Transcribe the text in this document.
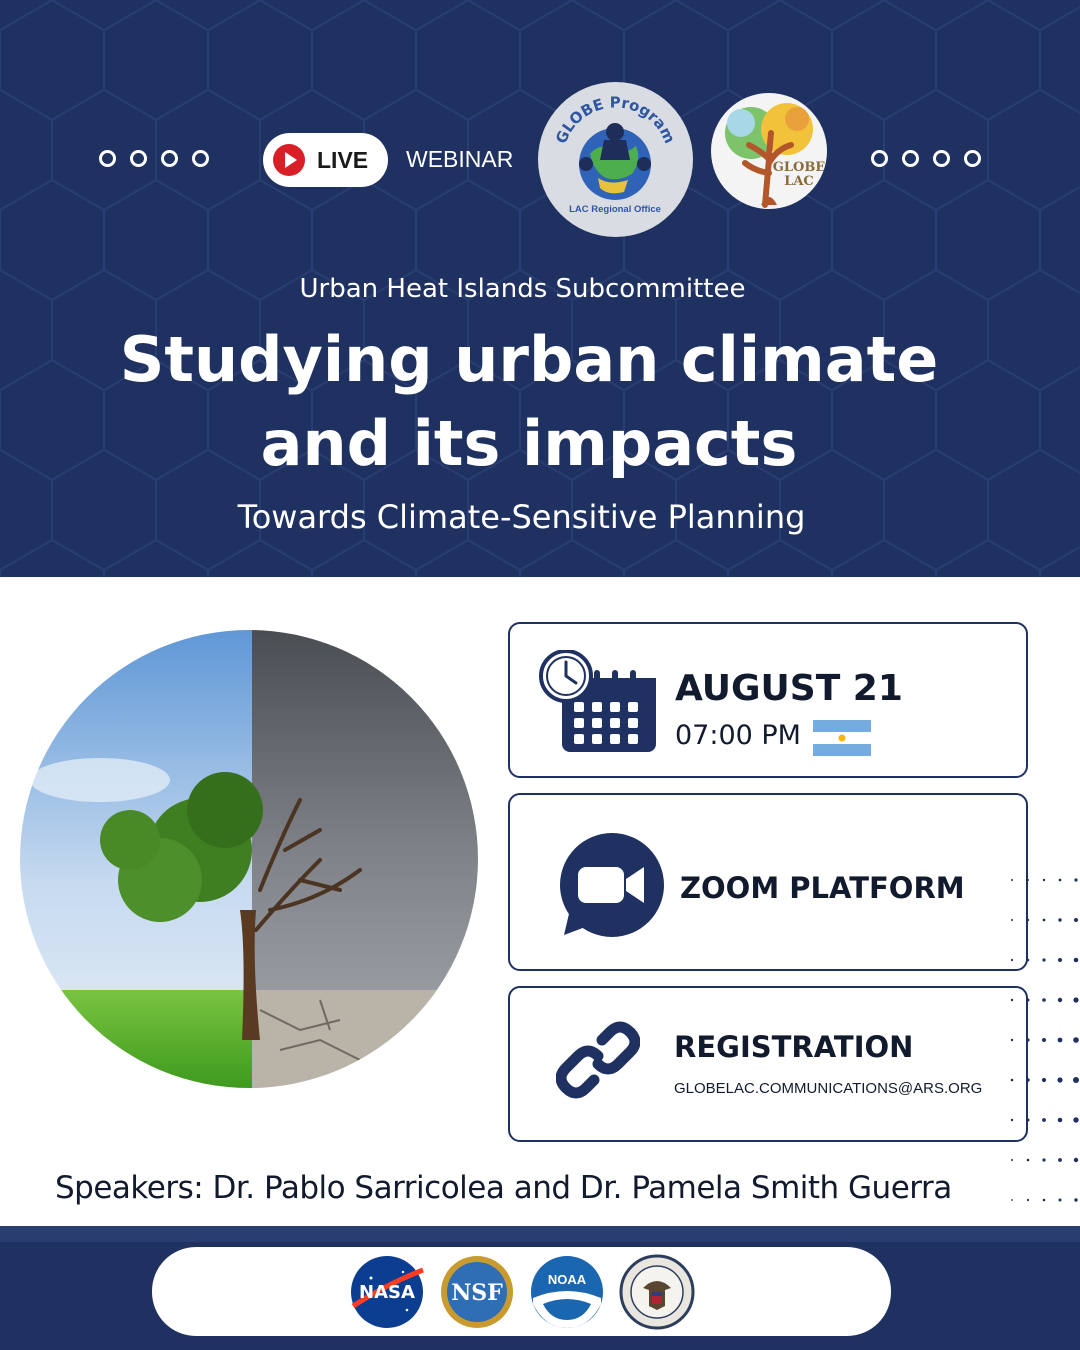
LIVE WEBINAR
GLOBE Program
LAC Regional Office
GLOBE
LAC
Urban Heat Islands Subcommittee
Studying urban climate
and its impacts
Towards Climate-Sensitive Planning
AUGUST 21
07:00 PM
ZOOM PLATFORM
REGISTRATION
GLOBELAC.COMMUNICATIONS@ARS.ORG
Speakers: Dr. Pablo Sarricolea and Dr. Pamela Smith Guerra
NASA NSF
NOAA
